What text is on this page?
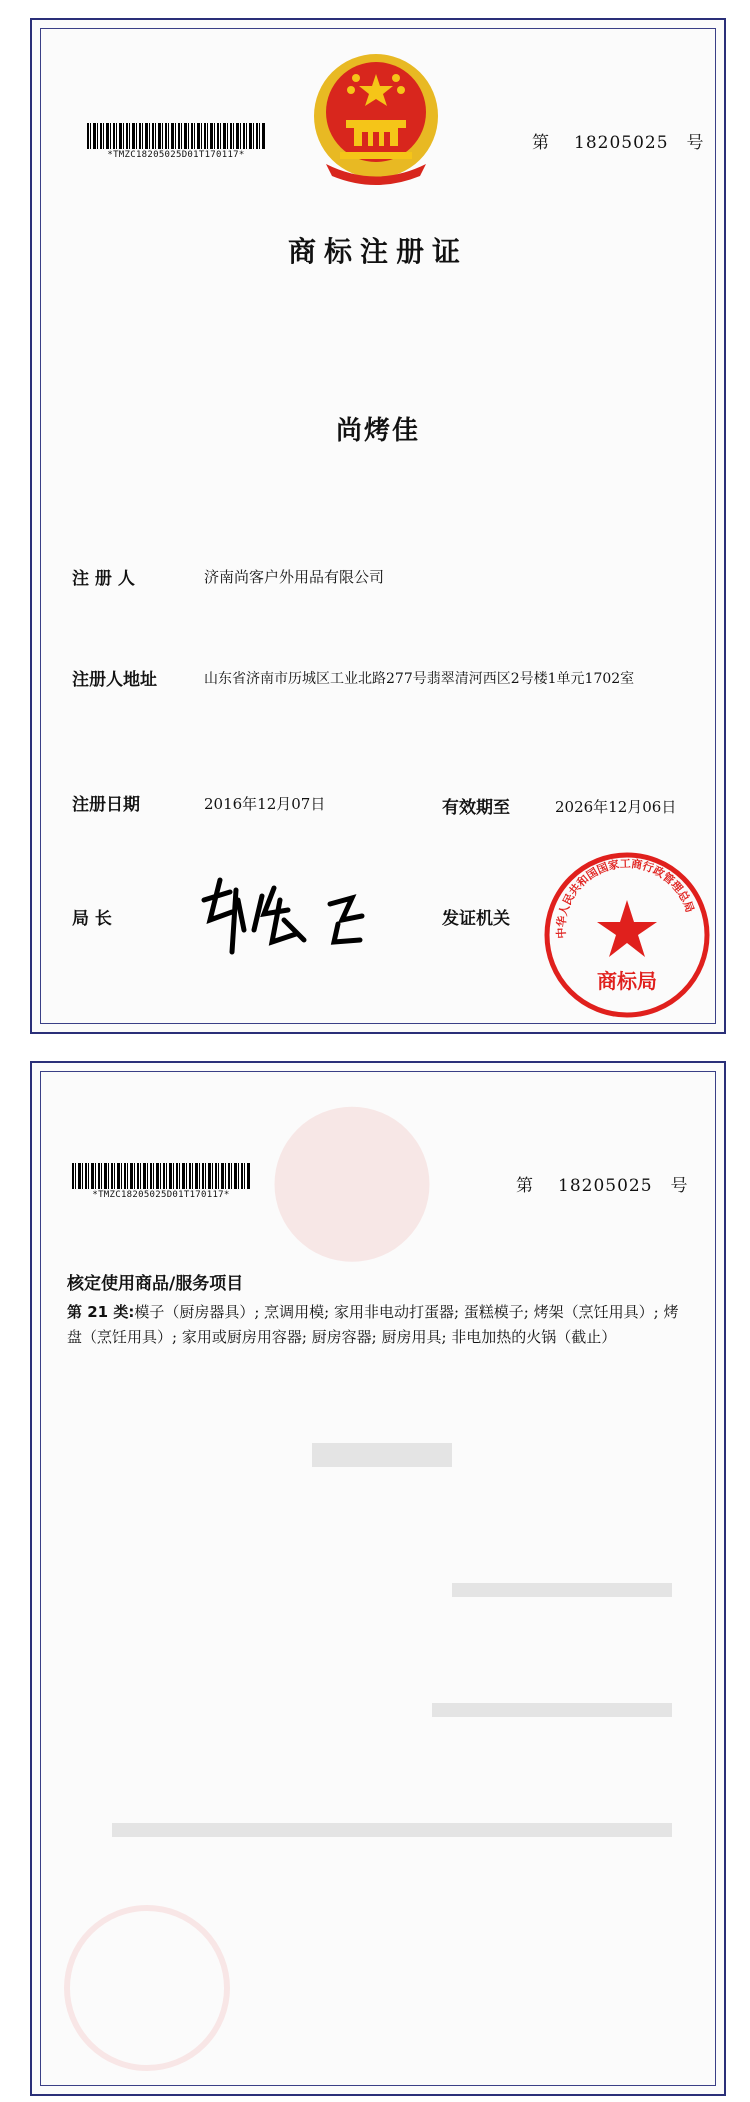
*TMZC18205025D01T170117*
第 18205025 号
商标注册证
尚烤佳
注 册 人	济南尚客户外用品有限公司
注册人地址	山东省济南市历城区工业北路277号翡翠清河西区2号楼1单元1702室
注册日期	2016年12月07日	有效期至	2026年12月06日
局 长	发证机关
商标局
中华人民共和国国家工商行政管理总局
*TMZC18205025D01T170117*	第 18205025 号
核定使用商品/服务项目
第 21 类:模子（厨房器具）; 烹调用模; 家用非电动打蛋器; 蛋糕模子; 烤架（烹饪用具）; 烤盘（烹饪用具）; 家用或厨房用容器; 厨房容器; 厨房用具; 非电加热的火锅（截止）
